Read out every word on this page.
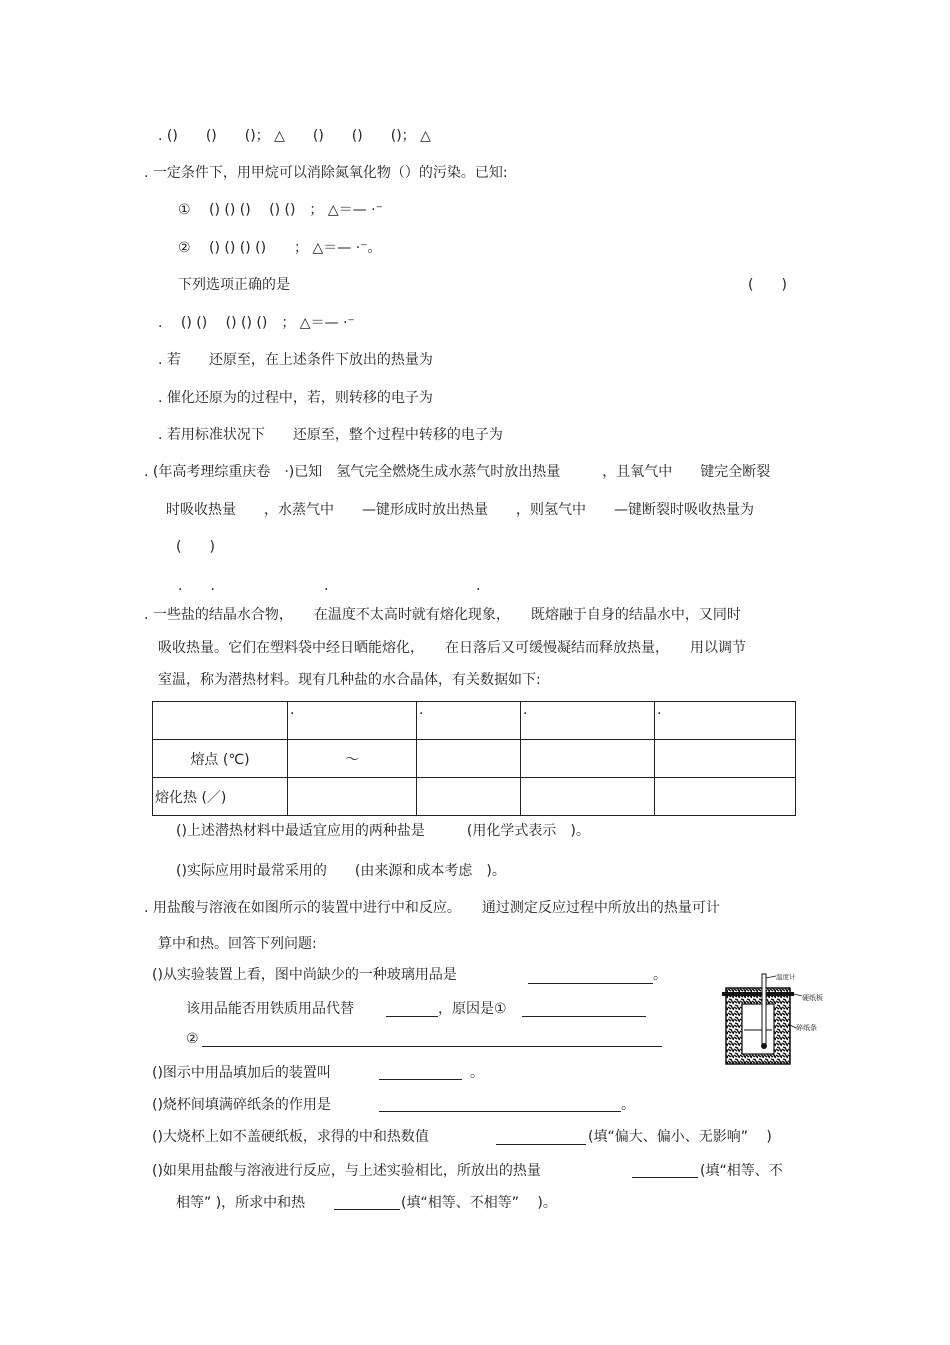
. ()　　()　　()； △　　()　　()　　()； △
. 一定条件下，用甲烷可以消除氮氧化物（）的污染。已知:
①　 () () ()　 () ()　； △＝— ·⁻
②　 () () () ()　　； △＝— ·⁻。
下列选项正确的是	(　　)
.　 () ()　 () () ()　； △＝— ·⁻
. 若　　还原至，在上述条件下放出的热量为
. 催化还原为的过程中，若，则转移的电子为
. 若用标准状况下　　还原至，整个过程中转移的电子为
. (年高考理综重庆卷　·)已知　氢气完全燃烧生成水蒸气时放出热量　　　，且氧气中　　键完全断裂
时吸收热量　　，水蒸气中　　—键形成时放出热量　　，则氢气中　　—键断裂时吸收热量为
(　　)
.　　.	.	.
. 一些盐的结晶水合物，　　在温度不太高时就有熔化现象，　　既熔融于自身的结晶水中，又同时
吸收热量。它们在塑料袋中经日晒能熔化，　　在日落后又可缓慢凝结而释放热量，　　用以调节
室温，称为潜热材料。现有几种盐的水合晶体，有关数据如下:
	.	.	.	.
熔点 (℃)	～			
熔化热 (／)				
()上述潜热材料中最适宜应用的两种盐是　　　(用化学式表示　)。
()实际应用时最常采用的　　(由来源和成本考虑　)。
. 用盐酸与溶液在如图所示的装置中进行中和反应。　　通过测定反应过程中所放出的热量可计
算中和热。回答下列问题:
()从实验装置上看，图中尚缺少的一种玻璃用品是	。
该用品能否用铁质用品代替	，原因是①
②
()图示中用品填加后的装置叫	。
()烧杯间填满碎纸条的作用是	。
()大烧杯上如不盖硬纸板，求得的中和热数值	(填“偏大、偏小、无影响”　 )
()如果用盐酸与溶液进行反应，与上述实验相比，所放出的热量	(填“相等、不
相等” )，所求中和热	(填“相等、不相等”　 )。
温度计
硬纸板
碎纸条
